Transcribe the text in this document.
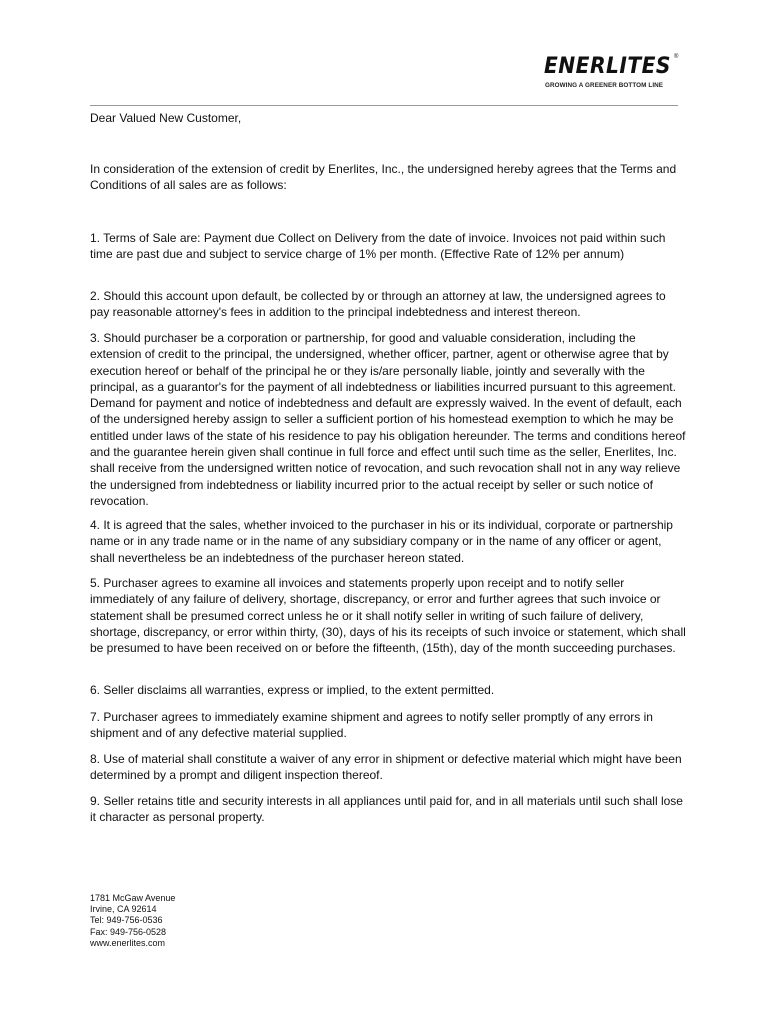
ENERLITES ®
GROWING A GREENER BOTTOM LINE

Dear Valued New Customer,

In consideration of the extension of credit by Enerlites, Inc., the undersigned hereby agrees that the Terms and Conditions of all sales are as follows:

1. Terms of Sale are: Payment due Collect on Delivery from the date of invoice. Invoices not paid within such time are past due and subject to service charge of 1% per month. (Effective Rate of 12% per annum)

2. Should this account upon default, be collected by or through an attorney at law, the undersigned agrees to pay reasonable attorney's fees in addition to the principal indebtedness and interest thereon.

3. Should purchaser be a corporation or partnership, for good and valuable consideration, including the extension of credit to the principal, the undersigned, whether officer, partner, agent or otherwise agree that by execution hereof or behalf of the principal he or they is/are personally liable, jointly and severally with the principal, as a guarantor's for the payment of all indebtedness or liabilities incurred pursuant to this agreement. Demand for payment and notice of indebtedness and default are expressly waived. In the event of default, each of the undersigned hereby assign to seller a sufficient portion of his homestead exemption to which he may be entitled under laws of the state of his residence to pay his obligation hereunder. The terms and conditions hereof and the guarantee herein given shall continue in full force and effect until such time as the seller, Enerlites, Inc. shall receive from the undersigned written notice of revocation, and such revocation shall not in any way relieve the undersigned from indebtedness or liability incurred prior to the actual receipt by seller or such notice of revocation.

4. It is agreed that the sales, whether invoiced to the purchaser in his or its individual, corporate or partnership name or in any trade name or in the name of any subsidiary company or in the name of any officer or agent, shall nevertheless be an indebtedness of the purchaser hereon stated.

5. Purchaser agrees to examine all invoices and statements properly upon receipt and to notify seller immediately of any failure of delivery, shortage, discrepancy, or error and further agrees that such invoice or statement shall be presumed correct unless he or it shall notify seller in writing of such failure of delivery, shortage, discrepancy, or error within thirty, (30), days of his its receipts of such invoice or statement, which shall be presumed to have been received on or before the fifteenth, (15th), day of the month succeeding purchases.

6. Seller disclaims all warranties, express or implied, to the extent permitted.

7. Purchaser agrees to immediately examine shipment and agrees to notify seller promptly of any errors in shipment and of any defective material supplied.

8. Use of material shall constitute a waiver of any error in shipment or defective material which might have been determined by a prompt and diligent inspection thereof.

9. Seller retains title and security interests in all appliances until paid for, and in all materials until such shall lose it character as personal property.

1781 McGaw Avenue
Irvine, CA 92614
Tel: 949-756-0536
Fax: 949-756-0528
www.enerlites.com
